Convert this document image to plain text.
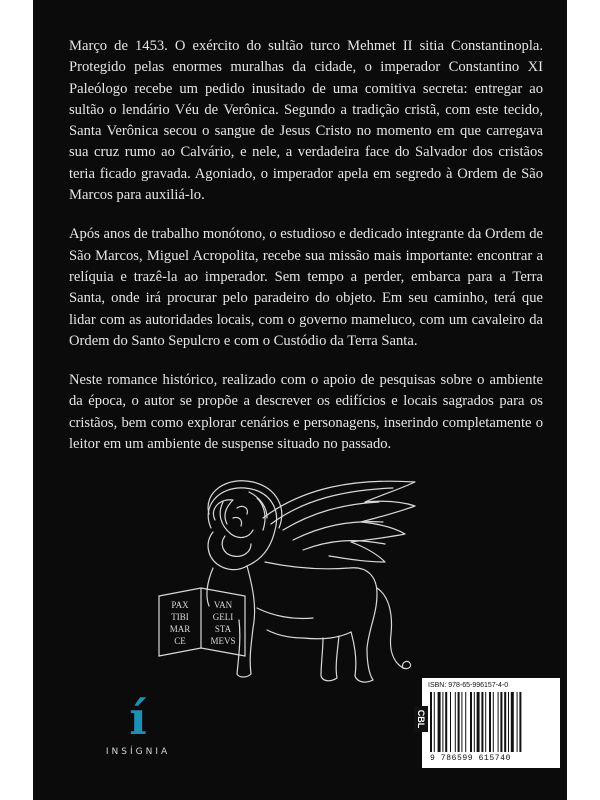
Março de 1453. O exército do sultão turco Mehmet II sitia Constantinopla. Protegido pelas enormes muralhas da cidade, o imperador Constantino XI Paleólogo recebe um pedido inusitado de uma comitiva secreta: entregar ao sultão o lendário Véu de Verônica. Segundo a tradição cristã, com este tecido, Santa Verônica secou o sangue de Jesus Cristo no momento em que carregava sua cruz rumo ao Calvário, e nele, a verdadeira face do Salvador dos cristãos teria ficado gravada. Agoniado, o imperador apela em segredo à Ordem de São Marcos para auxiliá-lo.

Após anos de trabalho monótono, o estudioso e dedicado integrante da Ordem de São Marcos, Miguel Acropolita, recebe sua missão mais importante: encontrar a relíquia e trazê-la ao imperador. Sem tempo a perder, embarca para a Terra Santa, onde irá procurar pelo paradeiro do objeto. Em seu caminho, terá que lidar com as autoridades locais, com o governo mameluco, com um cavaleiro da Ordem do Santo Sepulcro e com o Custódio da Terra Santa.

Neste romance histórico, realizado com o apoio de pesquisas sobre o ambiente da época, o autor se propõe a descrever os edifícios e locais sagrados para os cristãos, bem como explorar cenários e personagens, inserindo completamente o leitor em um ambiente de suspense situado no passado.

PAX	VAN
TIBI	GELI
MAR	STA
CE	MEVS
í
INSÍGNIA
ISBN: 978-65-996157-4-0
9 786599 615740
CBL
